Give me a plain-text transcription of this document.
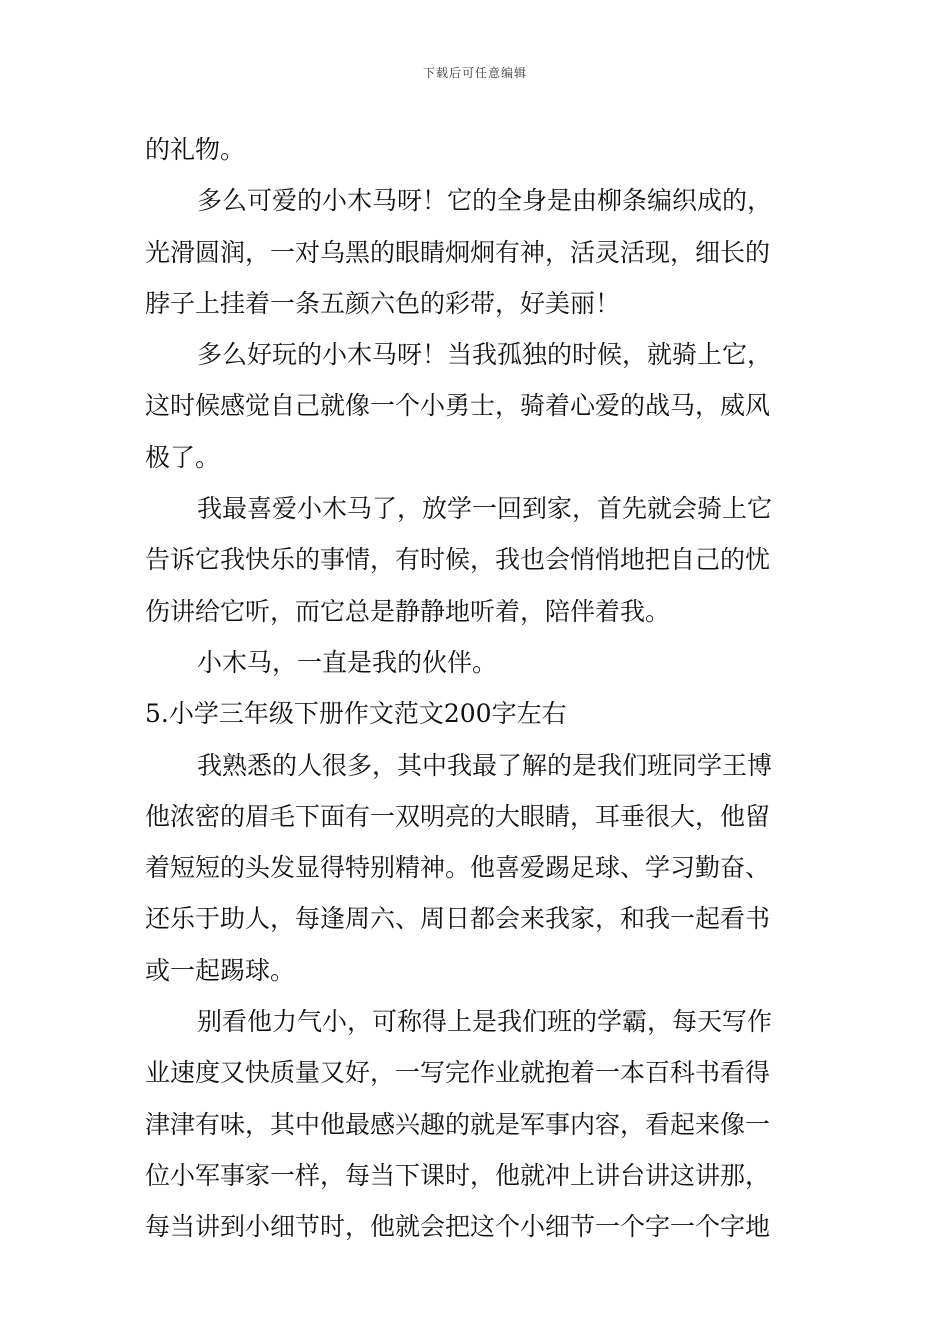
下载后可任意编辑
的礼物。
多么可爱的小木马呀！它的全身是由柳条编织成的，
光滑圆润，一对乌黑的眼睛炯炯有神，活灵活现，细长的
脖子上挂着一条五颜六色的彩带，好美丽！
多么好玩的小木马呀！当我孤独的时候，就骑上它，
这时候感觉自己就像一个小勇士，骑着心爱的战马，威风
极了。
我最喜爱小木马了，放学一回到家，首先就会骑上它
告诉它我快乐的事情，有时候，我也会悄悄地把自己的忧
伤讲给它听，而它总是静静地听着，陪伴着我。
小木马，一直是我的伙伴。
5.小学三年级下册作文范文200字左右
我熟悉的人很多，其中我最了解的是我们班同学王博
他浓密的眉毛下面有一双明亮的大眼睛，耳垂很大，他留
着短短的头发显得特别精神。他喜爱踢足球、学习勤奋、
还乐于助人，每逢周六、周日都会来我家，和我一起看书
或一起踢球。
别看他力气小，可称得上是我们班的学霸，每天写作
业速度又快质量又好，一写完作业就抱着一本百科书看得
津津有味，其中他最感兴趣的就是军事内容，看起来像一
位小军事家一样，每当下课时，他就冲上讲台讲这讲那，
每当讲到小细节时，他就会把这个小细节一个字一个字地
